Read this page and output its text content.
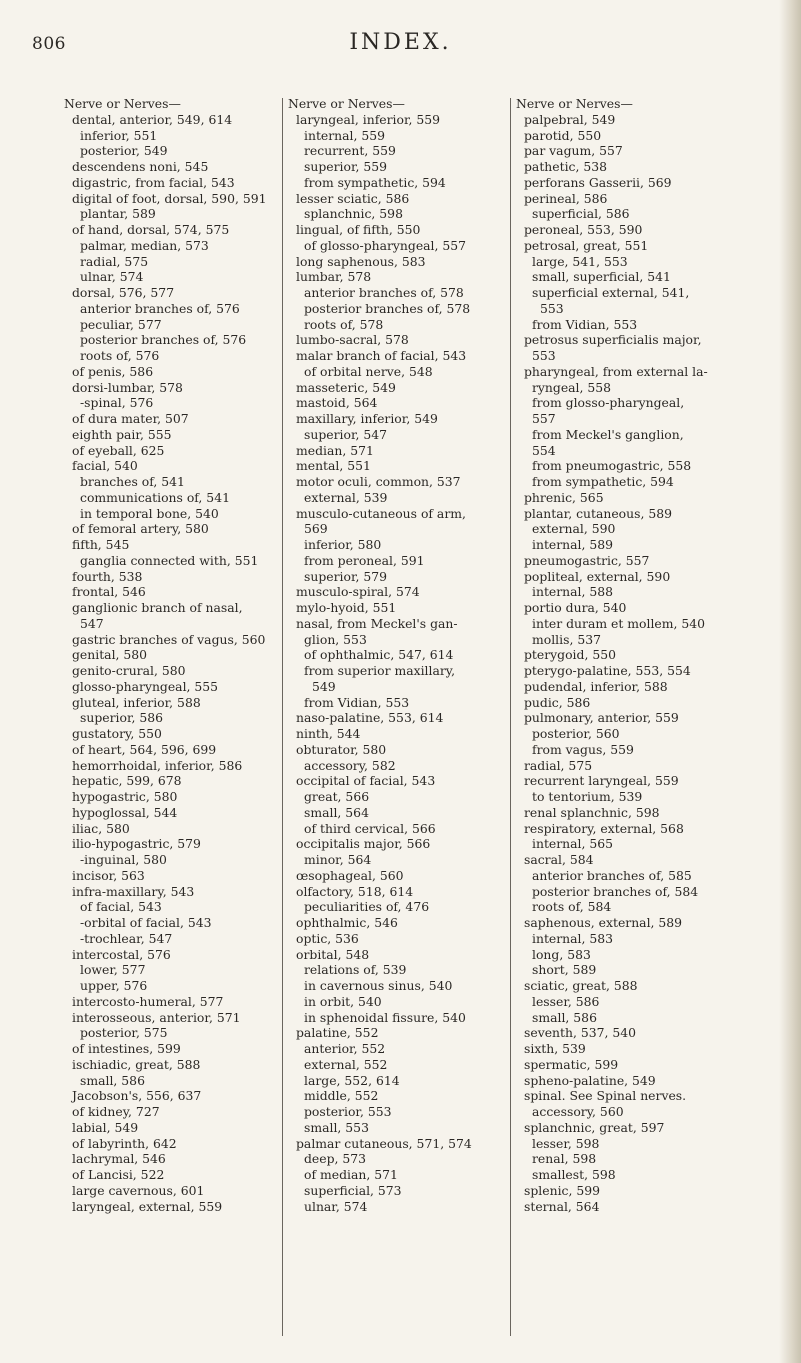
806	INDEX.
Nerve or Nerves—
dental, anterior, 549, 614
inferior, 551
posterior, 549
descendens noni, 545
digastric, from facial, 543
digital of foot, dorsal, 590, 591
plantar, 589
of hand, dorsal, 574, 575
palmar, median, 573
radial, 575
ulnar, 574
dorsal, 576, 577
anterior branches of, 576
peculiar, 577
posterior branches of, 576
roots of, 576
of penis, 586
dorsi-lumbar, 578
-spinal, 576
of dura mater, 507
eighth pair, 555
of eyeball, 625
facial, 540
branches of, 541
communications of, 541
in temporal bone, 540
of femoral artery, 580
fifth, 545
ganglia connected with, 551
fourth, 538
frontal, 546
ganglionic branch of nasal,
547
gastric branches of vagus, 560
genital, 580
genito-crural, 580
glosso-pharyngeal, 555
gluteal, inferior, 588
superior, 586
gustatory, 550
of heart, 564, 596, 699
hemorrhoidal, inferior, 586
hepatic, 599, 678
hypogastric, 580
hypoglossal, 544
iliac, 580
ilio-hypogastric, 579
-inguinal, 580
incisor, 563
infra-maxillary, 543
of facial, 543
-orbital of facial, 543
-trochlear, 547
intercostal, 576
lower, 577
upper, 576
intercosto-humeral, 577
interosseous, anterior, 571
posterior, 575
of intestines, 599
ischiadic, great, 588
small, 586
Jacobson's, 556, 637
of kidney, 727
labial, 549
of labyrinth, 642
lachrymal, 546
of Lancisi, 522
large cavernous, 601
laryngeal, external, 559
Nerve or Nerves—
laryngeal, inferior, 559
internal, 559
recurrent, 559
superior, 559
from sympathetic, 594
lesser sciatic, 586
splanchnic, 598
lingual, of fifth, 550
of glosso-pharyngeal, 557
long saphenous, 583
lumbar, 578
anterior branches of, 578
posterior branches of, 578
roots of, 578
lumbo-sacral, 578
malar branch of facial, 543
of orbital nerve, 548
masseteric, 549
mastoid, 564
maxillary, inferior, 549
superior, 547
median, 571
mental, 551
motor oculi, common, 537
external, 539
musculo-cutaneous of arm,
569
inferior, 580
from peroneal, 591
superior, 579
musculo-spiral, 574
mylo-hyoid, 551
nasal, from Meckel's gan-
glion, 553
of ophthalmic, 547, 614
from superior maxillary,
549
from Vidian, 553
naso-palatine, 553, 614
ninth, 544
obturator, 580
accessory, 582
occipital of facial, 543
great, 566
small, 564
of third cervical, 566
occipitalis major, 566
minor, 564
œsophageal, 560
olfactory, 518, 614
peculiarities of, 476
ophthalmic, 546
optic, 536
orbital, 548
relations of, 539
in cavernous sinus, 540
in orbit, 540
in sphenoidal fissure, 540
palatine, 552
anterior, 552
external, 552
large, 552, 614
middle, 552
posterior, 553
small, 553
palmar cutaneous, 571, 574
deep, 573
of median, 571
superficial, 573
ulnar, 574
Nerve or Nerves—
palpebral, 549
parotid, 550
par vagum, 557
pathetic, 538
perforans Gasserii, 569
perineal, 586
superficial, 586
peroneal, 553, 590
petrosal, great, 551
large, 541, 553
small, superficial, 541
superficial external, 541,
553
from Vidian, 553
petrosus superficialis major,
553
pharyngeal, from external la-
ryngeal, 558
from glosso-pharyngeal,
557
from Meckel's ganglion,
554
from pneumogastric, 558
from sympathetic, 594
phrenic, 565
plantar, cutaneous, 589
external, 590
internal, 589
pneumogastric, 557
popliteal, external, 590
internal, 588
portio dura, 540
inter duram et mollem, 540
mollis, 537
pterygoid, 550
pterygo-palatine, 553, 554
pudendal, inferior, 588
pudic, 586
pulmonary, anterior, 559
posterior, 560
from vagus, 559
radial, 575
recurrent laryngeal, 559
to tentorium, 539
renal splanchnic, 598
respiratory, external, 568
internal, 565
sacral, 584
anterior branches of, 585
posterior branches of, 584
roots of, 584
saphenous, external, 589
internal, 583
long, 583
short, 589
sciatic, great, 588
lesser, 586
small, 586
seventh, 537, 540
sixth, 539
spermatic, 599
spheno-palatine, 549
spinal. See Spinal nerves.
accessory, 560
splanchnic, great, 597
lesser, 598
renal, 598
smallest, 598
splenic, 599
sternal, 564
